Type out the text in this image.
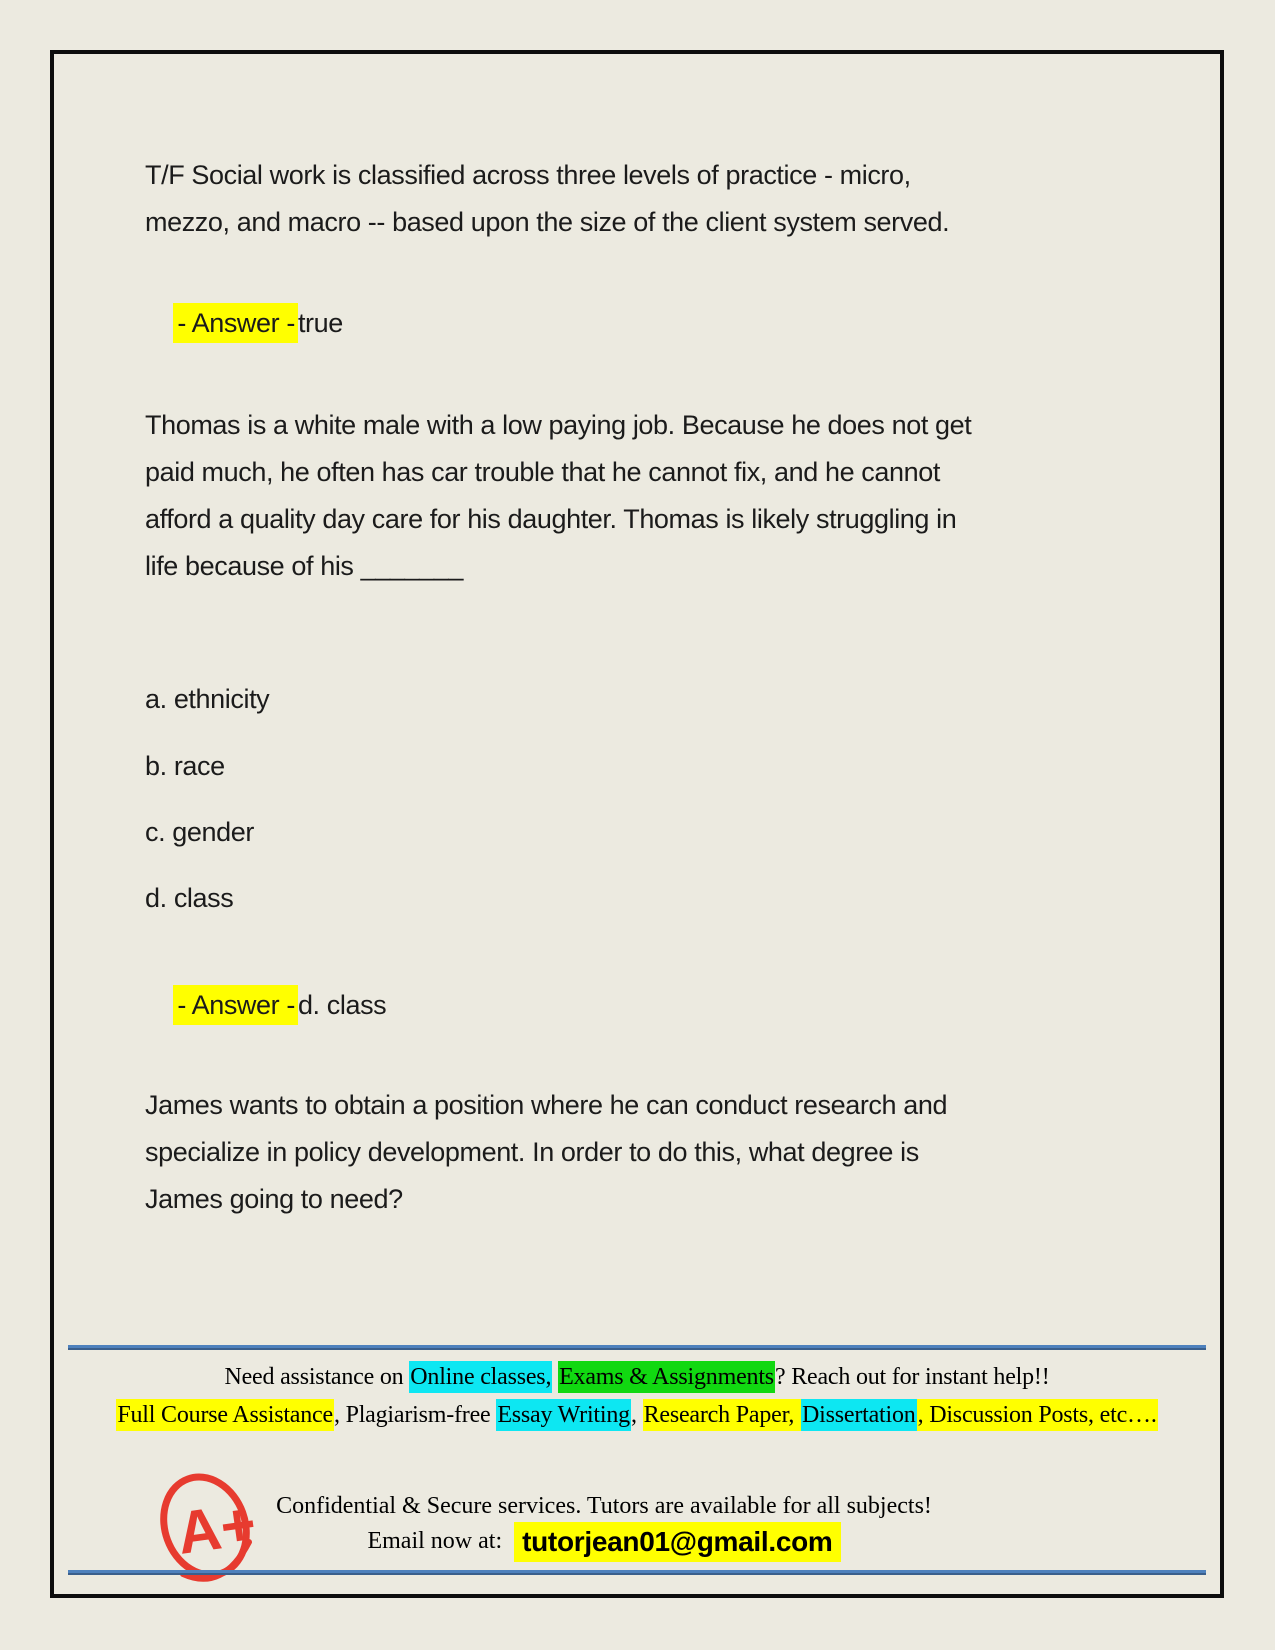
T/F Social work is classified across three levels of practice - micro,
mezzo, and macro -- based upon the size of the client system served.

- Answer - true

Thomas is a white male with a low paying job. Because he does not get
paid much, he often has car trouble that he cannot fix, and he cannot
afford a quality day care for his daughter. Thomas is likely struggling in
life because of his _______
a. ethnicity
b. race
c. gender
d. class

- Answer - d. class

James wants to obtain a position where he can conduct research and
specialize in policy development. In order to do this, what degree is
James going to need?
Need assistance on Online classes, Exams & Assignments? Reach out for instant help!!
Full Course Assistance, Plagiarism-free Essay Writing, Research Paper, Dissertation, Discussion Posts, etc….
A+ Confidential & Secure services. Tutors are available for all subjects!
Email now at: tutorjean01@gmail.com
